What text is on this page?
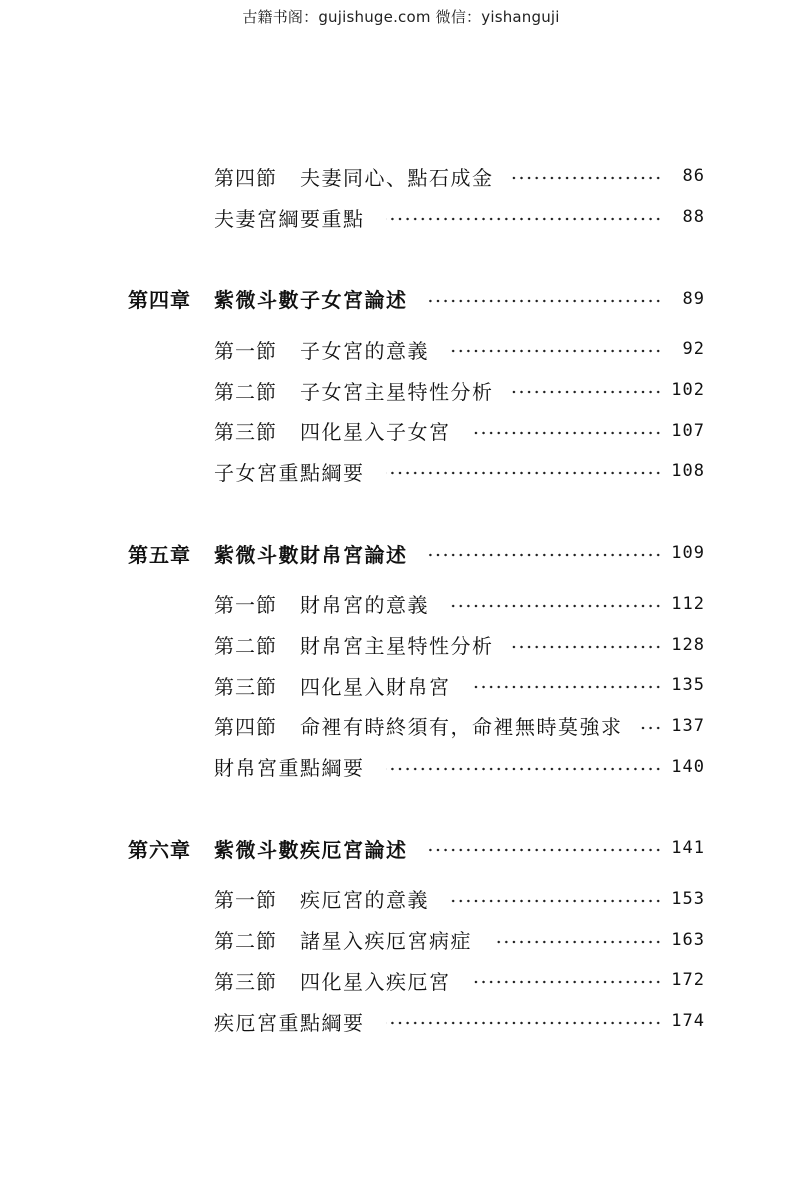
古籍书阁：gujishuge.com 微信：yishanguji
第四節	夫妻同心、點石成金	86
夫妻宮綱要重點	88
第四章	紫微斗數子女宮論述	89
第一節	子女宮的意義	92
第二節	子女宮主星特性分析	102
第三節	四化星入子女宮	107
子女宮重點綱要	108
第五章	紫微斗數財帛宮論述	109
第一節	財帛宮的意義	112
第二節	財帛宮主星特性分析	128
第三節	四化星入財帛宮	135
第四節	命裡有時終須有，命裡無時莫強求	137
財帛宮重點綱要	140
第六章	紫微斗數疾厄宮論述	141
第一節	疾厄宮的意義	153
第二節	諸星入疾厄宮病症	163
第三節	四化星入疾厄宮	172
疾厄宮重點綱要	174
